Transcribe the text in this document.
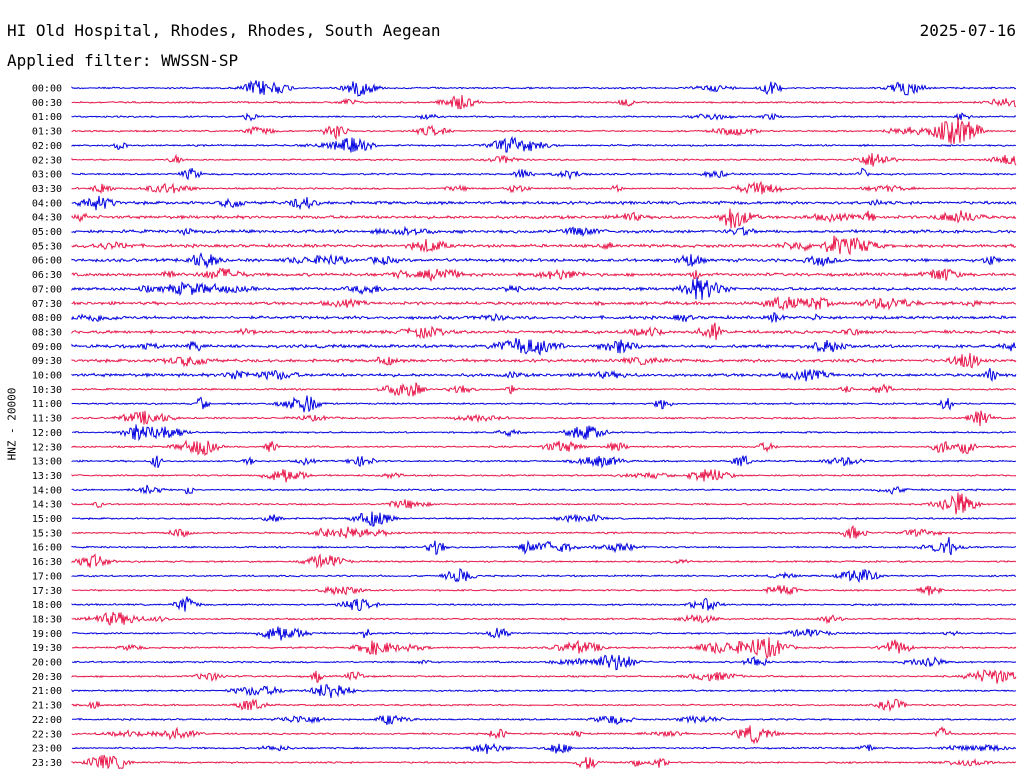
HI Old Hospital, Rhodes, Rhodes, South Aegean	2025-07-16
Applied filter: WWSSN-SP
HNZ - 20000
00:00
00:30
01:00
01:30
02:00
02:30
03:00
03:30
04:00
04:30
05:00
05:30
06:00
06:30
07:00
07:30
08:00
08:30
09:00
09:30
10:00
10:30
11:00
11:30
12:00
12:30
13:00
13:30
14:00
14:30
15:00
15:30
16:00
16:30
17:00
17:30
18:00
18:30
19:00
19:30
20:00
20:30
21:00
21:30
22:00
22:30
23:00
23:30
